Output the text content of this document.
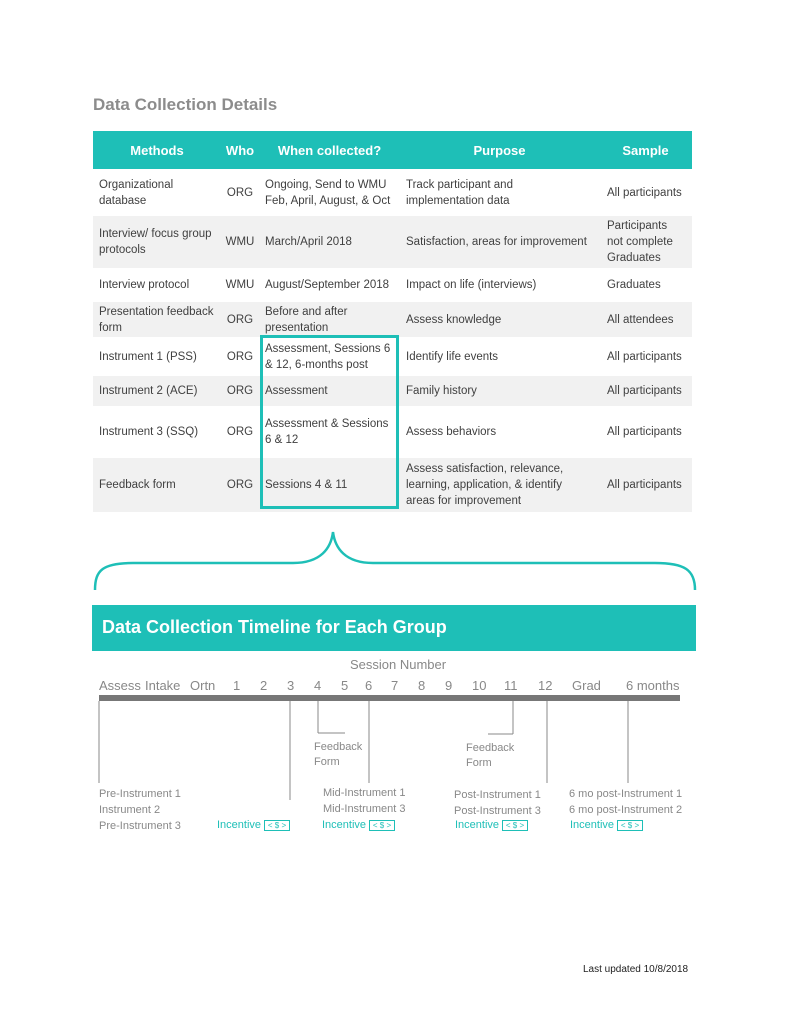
Data Collection Details
Methods	Who	When collected?	Purpose	Sample
Organizational database	ORG	Ongoing, Send to WMU Feb, April, August, & Oct	Track participant and implementation data	All participants
Interview/ focus group protocols	WMU	March/April 2018	Satisfaction, areas for improvement	Participants not complete Graduates
Interview protocol	WMU	August/September 2018	Impact on life (interviews)	Graduates
Presentation feedback form	ORG	Before and after presentation	Assess knowledge	All attendees
Instrument 1 (PSS)	ORG	Assessment, Sessions 6 & 12, 6-months post	Identify life events	All participants
Instrument 2 (ACE)	ORG	Assessment	Family history	All participants
Instrument 3 (SSQ)	ORG	Assessment & Sessions 6 & 12	Assess behaviors	All participants
Feedback form	ORG	Sessions 4 & 11	Assess satisfaction, relevance, learning, application, & identify areas for improvement	All participants
Data Collection Timeline for Each Group
Session Number
Assess Intake Ortn 1 2 3 4 5 6 7 8 9 10 11 12 Grad 6 months
Feedback Form
Feedback Form
Pre-Instrument 1
Instrument 2
Pre-Instrument 3
Mid-Instrument 1
Mid-Instrument 3
Post-Instrument 1
Post-Instrument 3
6 mo post-Instrument 1
6 mo post-Instrument 2
Incentive < $ >	Incentive < $ >	Incentive < $ >	Incentive < $ >
Last updated 10/8/2018
